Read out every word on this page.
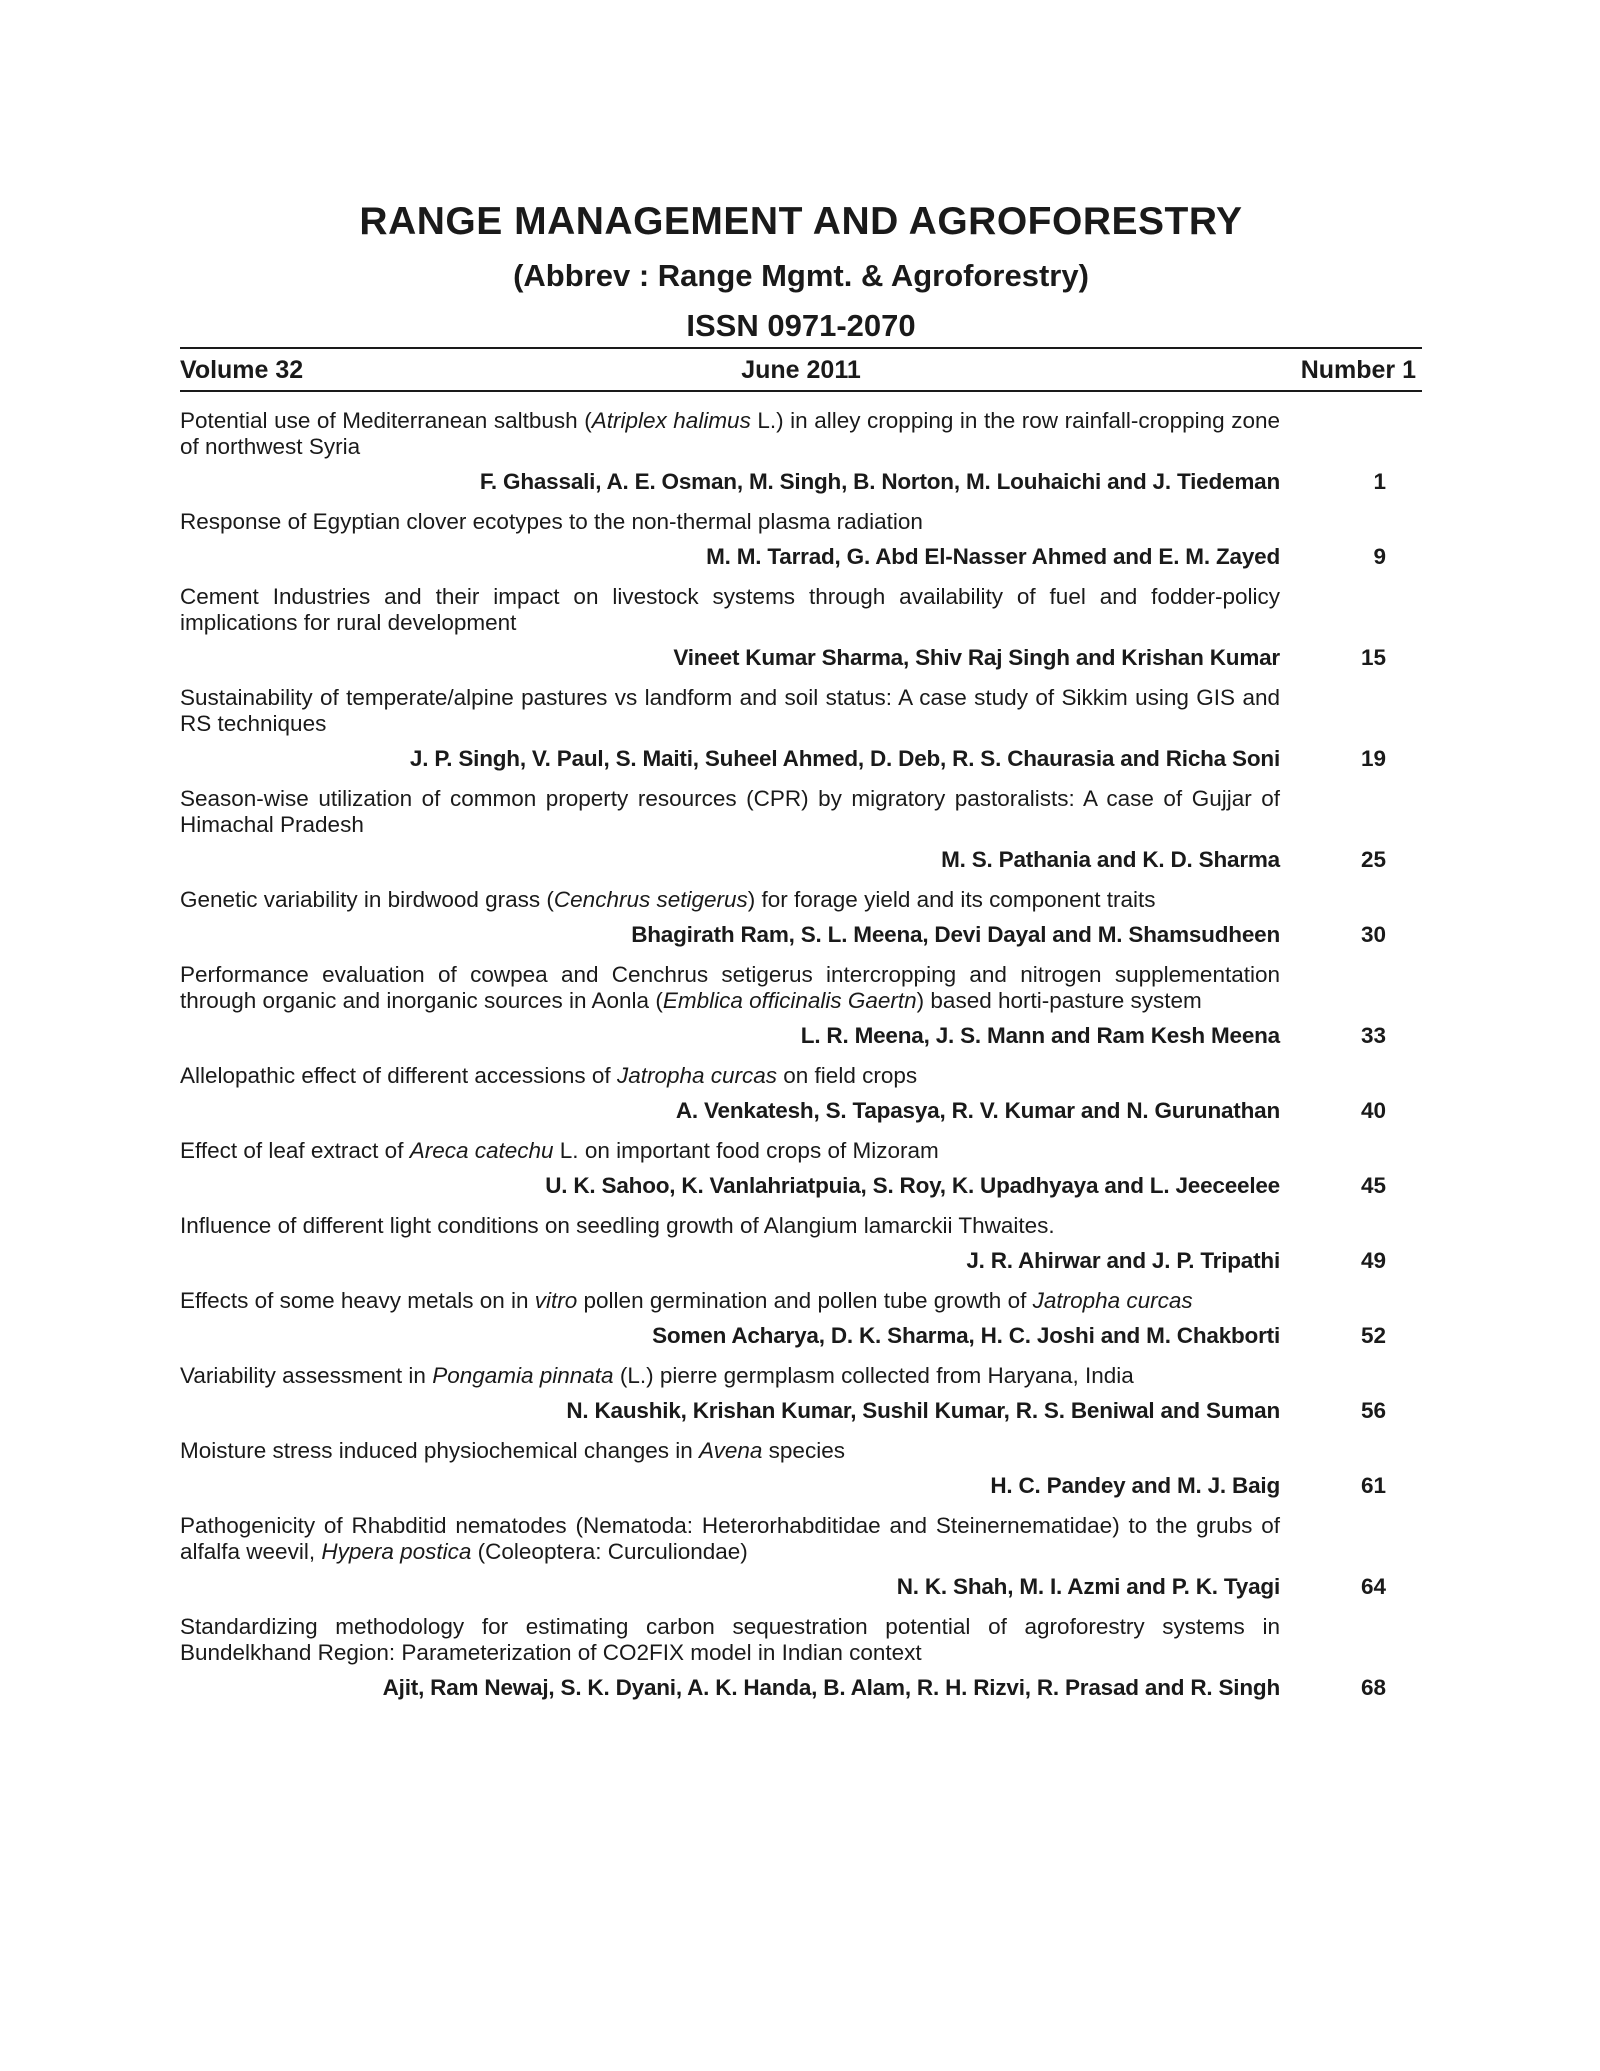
RANGE MANAGEMENT AND AGROFORESTRY
(Abbrev : Range Mgmt. & Agroforestry)
ISSN 0971-2070
Volume 32	June 2011	Number 1

Potential use of Mediterranean saltbush (Atriplex halimus L.) in alley cropping in the row rainfall-cropping zone of northwest Syria

F. Ghassali, A. E. Osman, M. Singh, B. Norton, M. Louhaichi and J. Tiedeman	1

Response of Egyptian clover ecotypes to the non-thermal plasma radiation

M. M. Tarrad, G. Abd El-Nasser Ahmed and E. M. Zayed	9

Cement Industries and their impact on livestock systems through availability of fuel and fodder-policy implications for rural development

Vineet Kumar Sharma, Shiv Raj Singh and Krishan Kumar	15

Sustainability of temperate/alpine pastures vs landform and soil status: A case study of Sikkim using GIS and RS techniques

J. P. Singh, V. Paul, S. Maiti, Suheel Ahmed, D. Deb, R. S. Chaurasia and Richa Soni	19

Season-wise utilization of common property resources (CPR) by migratory pastoralists: A case of Gujjar of Himachal Pradesh

M. S. Pathania and K. D. Sharma	25

Genetic variability in birdwood grass (Cenchrus setigerus) for forage yield and its component traits

Bhagirath Ram, S. L. Meena, Devi Dayal and M. Shamsudheen	30

Performance evaluation of cowpea and Cenchrus setigerus intercropping and nitrogen supplementation through organic and inorganic sources in Aonla (Emblica officinalis Gaertn) based horti-pasture system

L. R. Meena, J. S. Mann and Ram Kesh Meena	33

Allelopathic effect of different accessions of Jatropha curcas on field crops

A. Venkatesh, S. Tapasya, R. V. Kumar and N. Gurunathan	40

Effect of leaf extract of Areca catechu L. on important food crops of Mizoram

U. K. Sahoo, K. Vanlahriatpuia, S. Roy, K. Upadhyaya and L. Jeeceelee	45

Influence of different light conditions on seedling growth of Alangium lamarckii Thwaites.

J. R. Ahirwar and J. P. Tripathi	49

Effects of some heavy metals on in vitro pollen germination and pollen tube growth of Jatropha curcas

Somen Acharya, D. K. Sharma, H. C. Joshi and M. Chakborti	52

Variability assessment in Pongamia pinnata (L.) pierre germplasm collected from Haryana, India

N. Kaushik, Krishan Kumar, Sushil Kumar, R. S. Beniwal and Suman	56

Moisture stress induced physiochemical changes in Avena species

H. C. Pandey and M. J. Baig	61

Pathogenicity of Rhabditid nematodes (Nematoda: Heterorhabditidae and Steinernematidae) to the grubs of alfalfa weevil, Hypera postica (Coleoptera: Curculiondae)

N. K. Shah, M. I. Azmi and P. K. Tyagi	64

Standardizing methodology for estimating carbon sequestration potential of agroforestry systems in Bundelkhand Region: Parameterization of CO2FIX model in Indian context

Ajit, Ram Newaj, S. K. Dyani, A. K. Handa, B. Alam, R. H. Rizvi, R. Prasad and R. Singh	68
